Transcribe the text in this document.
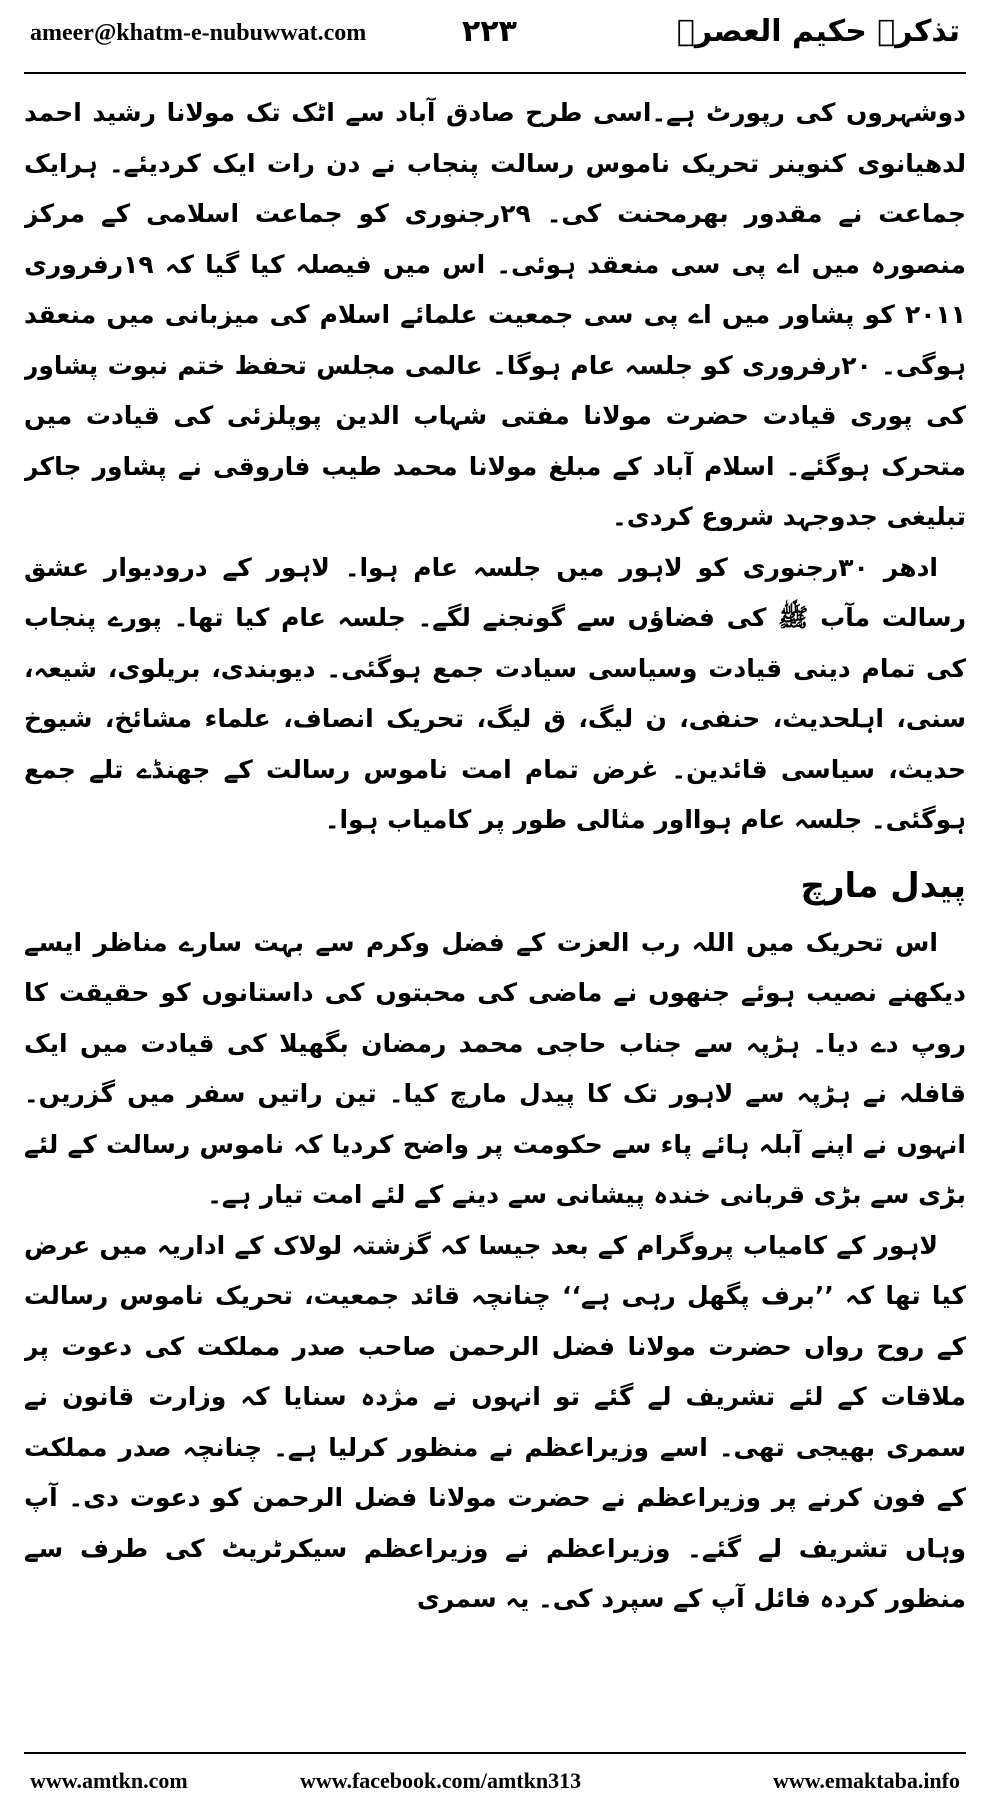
ameer@khatm-e-nubuwwat.com	۲۲۳	تذکرہ حکیم العصرؒ

دوشہروں کی رپورٹ ہے۔اسی طرح صادق آباد سے اٹک تک مولانا رشید احمد لدھیانوی کنوینر تحریک ناموس رسالت پنجاب نے دن رات ایک کردیئے۔ ہرایک جماعت نے مقدور بھرمحنت کی۔ ۲۹رجنوری کو جماعت اسلامی کے مرکز منصورہ میں اے پی سی منعقد ہوئی۔ اس میں فیصلہ کیا گیا کہ ۱۹رفروری ۲۰۱۱ کو پشاور میں اے پی سی جمعیت علمائے اسلام کی میزبانی میں منعقد ہوگی۔ ۲۰رفروری کو جلسہ عام ہوگا۔ عالمی مجلس تحفظ ختم نبوت پشاور کی پوری قیادت حضرت مولانا مفتی شہاب الدین پوپلزئی کی قیادت میں متحرک ہوگئے۔ اسلام آباد کے مبلغ مولانا محمد طیب فاروقی نے پشاور جاکر تبلیغی جدوجہد شروع کردی۔

ادھر ۳۰رجنوری کو لاہور میں جلسہ عام ہوا۔ لاہور کے درودیوار عشق رسالت مآب ﷺ کی فضاؤں سے گونجنے لگے۔ جلسہ عام کیا تھا۔ پورے پنجاب کی تمام دینی قیادت وسیاسی سیادت جمع ہوگئی۔ دیوبندی، بریلوی، شیعہ، سنی، اہلحدیث، حنفی، ن لیگ، ق لیگ، تحریک انصاف، علماء مشائخ، شیوخ حدیث، سیاسی قائدین۔ غرض تمام امت ناموس رسالت کے جھنڈے تلے جمع ہوگئی۔ جلسہ عام ہوااور مثالی طور پر کامیاب ہوا۔

پیدل مارچ

اس تحریک میں اللہ رب العزت کے فضل وکرم سے بہت سارے مناظر ایسے دیکھنے نصیب ہوئے جنھوں نے ماضی کی محبتوں کی داستانوں کو حقیقت کا روپ دے دیا۔ ہڑپہ سے جناب حاجی محمد رمضان بگھیلا کی قیادت میں ایک قافلہ نے ہڑپہ سے لاہور تک کا پیدل مارچ کیا۔ تین راتیں سفر میں گزریں۔ انہوں نے اپنے آبلہ ہائے پاء سے حکومت پر واضح کردیا کہ ناموس رسالت کے لئے بڑی سے بڑی قربانی خندہ پیشانی سے دینے کے لئے امت تیار ہے۔

لاہور کے کامیاب پروگرام کے بعد جیسا کہ گزشتہ لولاک کے اداریہ میں عرض کیا تھا کہ ’’برف پگھل رہی ہے‘‘ چنانچہ قائد جمعیت، تحریک ناموس رسالت کے روح رواں حضرت مولانا فضل الرحمن صاحب صدر مملکت کی دعوت پر ملاقات کے لئے تشریف لے گئے تو انہوں نے مژدہ سنایا کہ وزارت قانون نے سمری بھیجی تھی۔ اسے وزیراعظم نے منظور کرلیا ہے۔ چنانچہ صدر مملکت کے فون کرنے پر وزیراعظم نے حضرت مولانا فضل الرحمن کو دعوت دی۔ آپ وہاں تشریف لے گئے۔ وزیراعظم نے وزیراعظم سیکرٹریٹ کی طرف سے منظور کردہ فائل آپ کے سپرد کی۔ یہ سمری

www.amtkn.com	www.facebook.com/amtkn313	www.emaktaba.info
